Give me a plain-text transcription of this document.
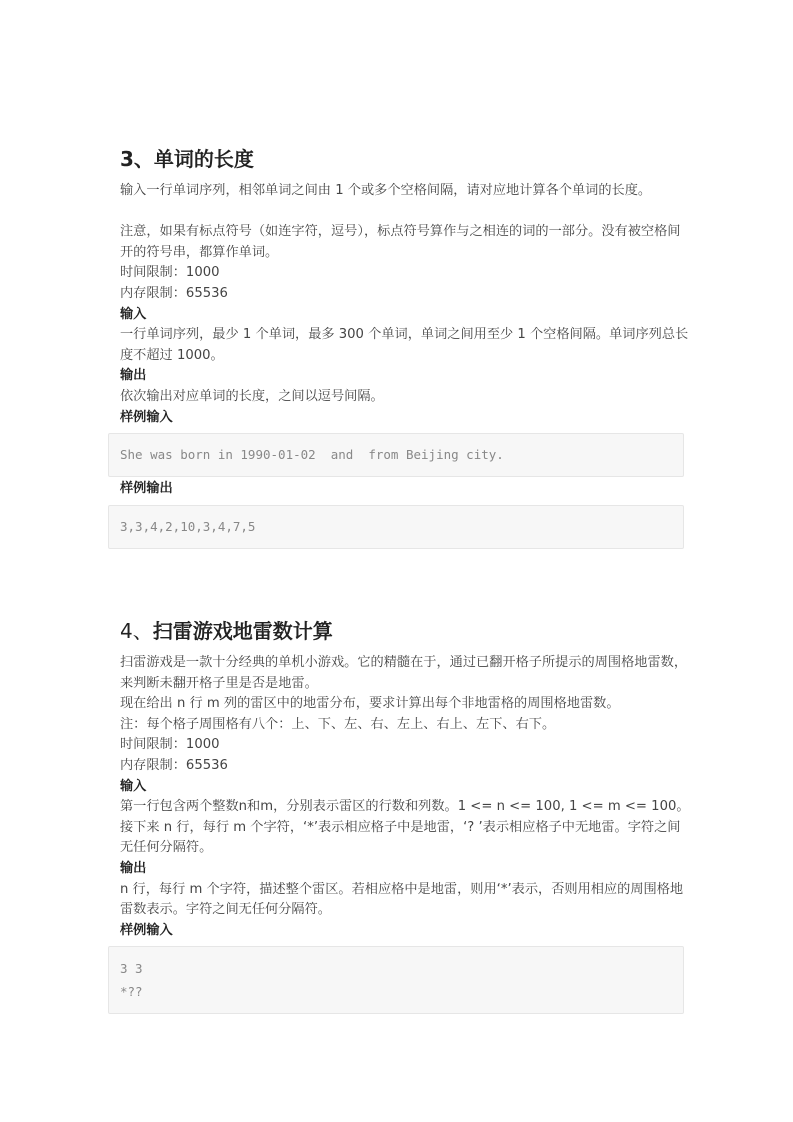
3、单词的长度

输入一行单词序列，相邻单词之间由 1 个或多个空格间隔，请对应地计算各个单词的长度。

注意，如果有标点符号（如连字符，逗号），标点符号算作与之相连的词的一部分。没有被空格间开的符号串，都算作单词。

时间限制：1000

内存限制：65536

输入

一行单词序列，最少 1 个单词，最多 300 个单词，单词之间用至少 1 个空格间隔。单词序列总长度不超过 1000。

输出

依次输出对应单词的长度，之间以逗号间隔。

样例输入

She was born in 1990-01-02  and  from Beijing city.

样例输出

3,3,4,2,10,3,4,7,5
4、扫雷游戏地雷数计算

扫雷游戏是一款十分经典的单机小游戏。它的精髓在于，通过已翻开格子所提示的周围格地雷数，来判断未翻开格子里是否是地雷。

现在给出 n 行 m 列的雷区中的地雷分布，要求计算出每个非地雷格的周围格地雷数。

注：每个格子周围格有八个：上、下、左、右、左上、右上、左下、右下。

时间限制：1000

内存限制：65536

输入

第一行包含两个整数n和m，分别表示雷区的行数和列数。1 <= n <= 100, 1 <= m <= 100。接下来 n 行，每行 m 个字符，‘*’表示相应格子中是地雷，‘? ’表示相应格子中无地雷。字符之间无任何分隔符。

输出

n 行，每行 m 个字符，描述整个雷区。若相应格中是地雷，则用‘*’表示，否则用相应的周围格地雷数表示。字符之间无任何分隔符。

样例输入

3 3
*??
